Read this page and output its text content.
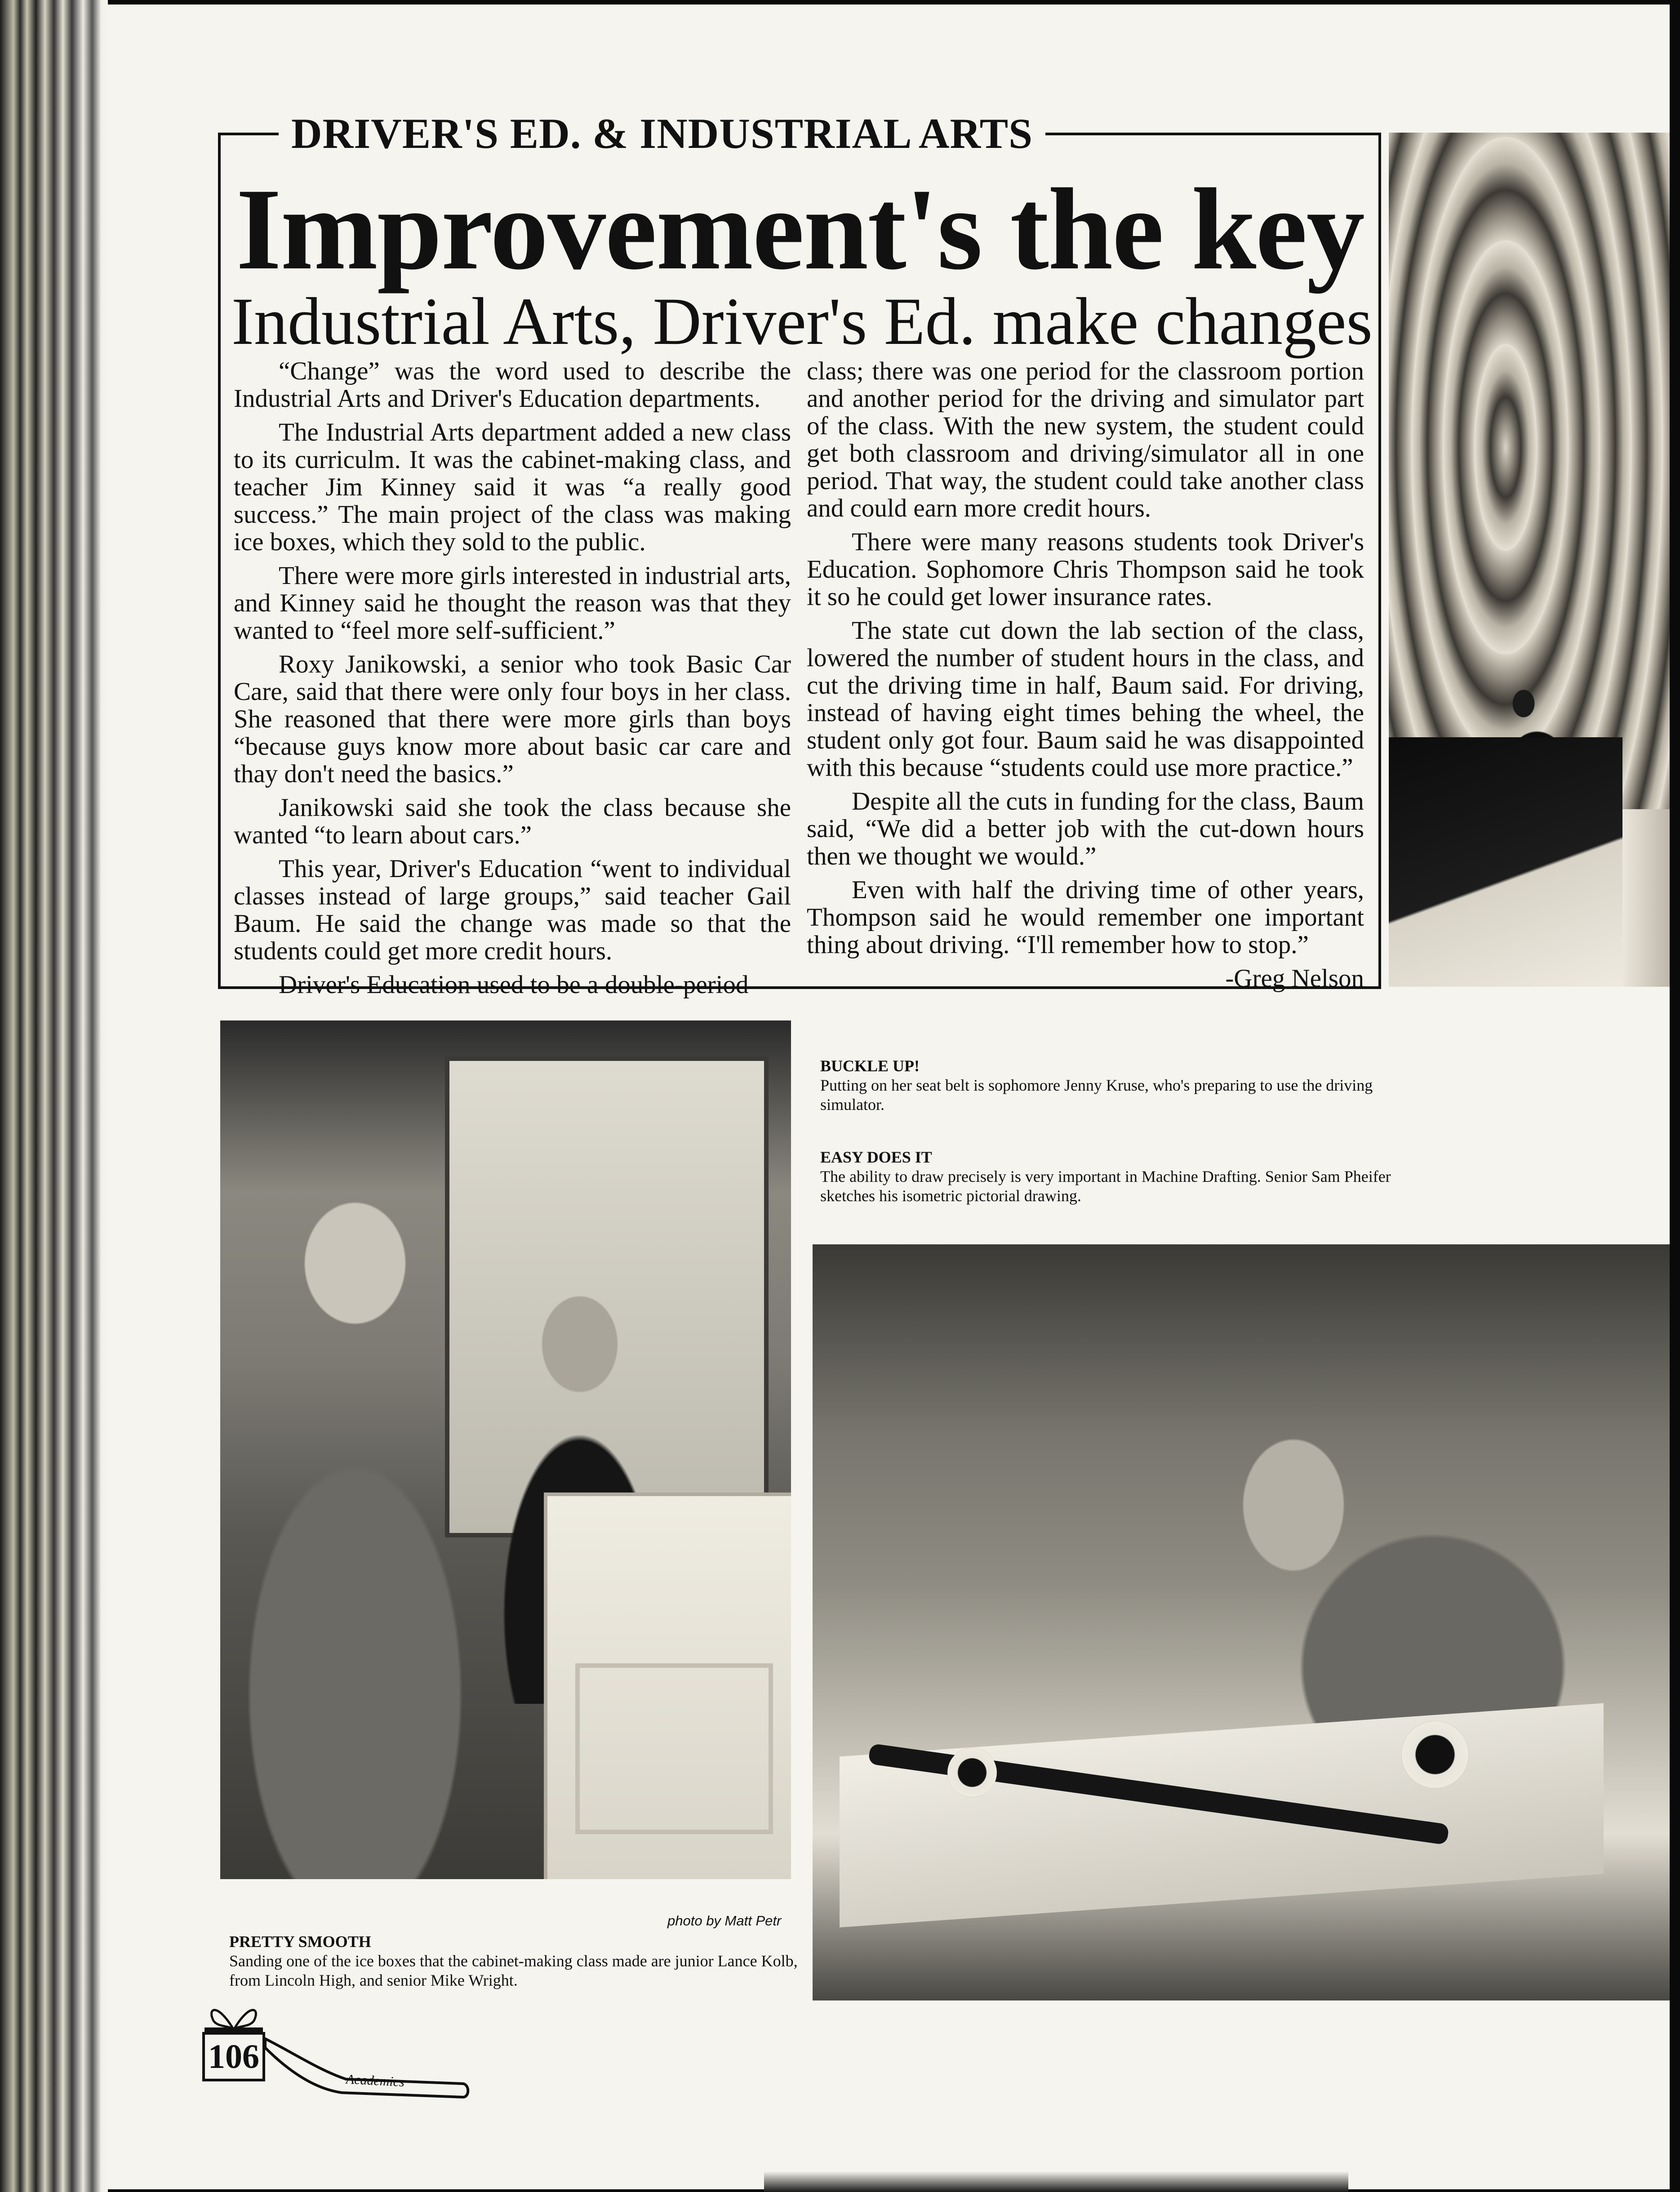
DRIVER'S ED. & INDUSTRIAL ARTS
Improvement's the key
Industrial Arts, Driver's Ed. make changes

“Change” was the word used to describe the Industrial Arts and Driver's Education departments.

The Industrial Arts department added a new class to its curriculm. It was the cabinet-making class, and teacher Jim Kinney said it was “a really good success.” The main project of the class was making ice boxes, which they sold to the public.

There were more girls interested in industrial arts, and Kinney said he thought the reason was that they wanted to “feel more self-sufficient.”

Roxy Janikowski, a senior who took Basic Car Care, said that there were only four boys in her class. She reasoned that there were more girls than boys “because guys know more about basic car care and thay don't need the basics.”

Janikowski said she took the class because she wanted “to learn about cars.”

This year, Driver's Education “went to individual classes instead of large groups,” said teacher Gail Baum. He said the change was made so that the students could get more credit hours.

Driver's Education used to be a double-period

class; there was one period for the classroom portion and another period for the driving and simulator part of the class. With the new system, the student could get both classroom and driving/simulator all in one period. That way, the student could take another class and could earn more credit hours.

There were many reasons students took Driver's Education. Sophomore Chris Thompson said he took it so he could get lower insurance rates.

The state cut down the lab section of the class, lowered the number of student hours in the class, and cut the driving time in half, Baum said. For driving, instead of having eight times behing the wheel, the student only got four. Baum said he was disappointed with this because “students could use more practice.”

Despite all the cuts in funding for the class, Baum said, “We did a better job with the cut-down hours then we thought we would.”

Even with half the driving time of other years, Thompson said he would remember one important thing about driving. “I'll remember how to stop.”

-Greg Nelson

photo by Matt Petr
BUCKLE UP!
Putting on her seat belt is sophomore Jenny Kruse, who's preparing to use the driving simulator.
EASY DOES IT
The ability to draw precisely is very important in Machine Drafting. Senior Sam Pheifer sketches his isometric pictorial drawing.
PRETTY SMOOTH
Sanding one of the ice boxes that the cabinet-making class made are junior Lance Kolb, from Lincoln High, and senior Mike Wright.
106
Academics
